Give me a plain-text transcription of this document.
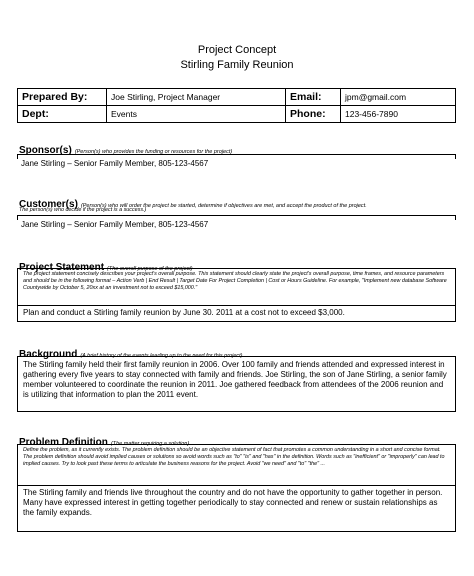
Project Concept
Stirling Family Reunion
Prepared By:	Joe Stirling, Project Manager	Email:	jpm@gmail.com
Dept:	Events	Phone:	123-456-7890
Sponsor(s) (Person(s) who provides the funding or resources for the project)
Jane Stirling – Senior Family Member, 805-123-4567
Customer(s) (Person(s) who will order the project be started, determine if objectives are met, and accept the product of the project.
The person(s) who decide if the project is a success.)
Jane Stirling – Senior Family Member, 805-123-4567
Project Statement (The overall purpose of the project)
The project statement concisely describes your project's overall purpose. This statement should clearly state the project's overall purpose, time frames, and resource parameters and should be in the following format – Action Verb | End Result | Target Date For Project Completion | Cost or Hours Guideline. For example, "Implement new database Software Countywide by October 5, 20xx at an investment not to exceed $15,000."
Plan and conduct a Stirling family reunion by June 30. 2011 at a cost not to exceed $3,000.
Background (A brief history of the events leading up to the need for this project)
The Stirling family held their first family reunion in 2006. Over 100 family and friends attended and expressed interest in gathering every five years to stay connected with family and friends. Joe Stirling, the son of Jane Stirling, a senior family member volunteered to coordinate the reunion in 2011. Joe gathered feedback from attendees of the 2006 reunion and is utilizing that information to plan the 2011 event.
Problem Definition (The matter requiring a solution)
Define the problem, as it currently exists. The problem definition should be an objective statement of fact that promotes a common understanding in a short and concise format. The problem definition should avoid implied causes or solutions so avoid words such as "to" "is" and "has" in the definition. Words such as "inefficient" or "improperly" can lead to implied causes. Try to look past these terms to articulate the business reasons for the project. Avoid "we need" and "to" "the" ...
The Stirling family and friends live throughout the country and do not have the opportunity to gather together in person. Many have expressed interest in getting together periodically to stay connected and renew or sustain relationships as the family expands.
